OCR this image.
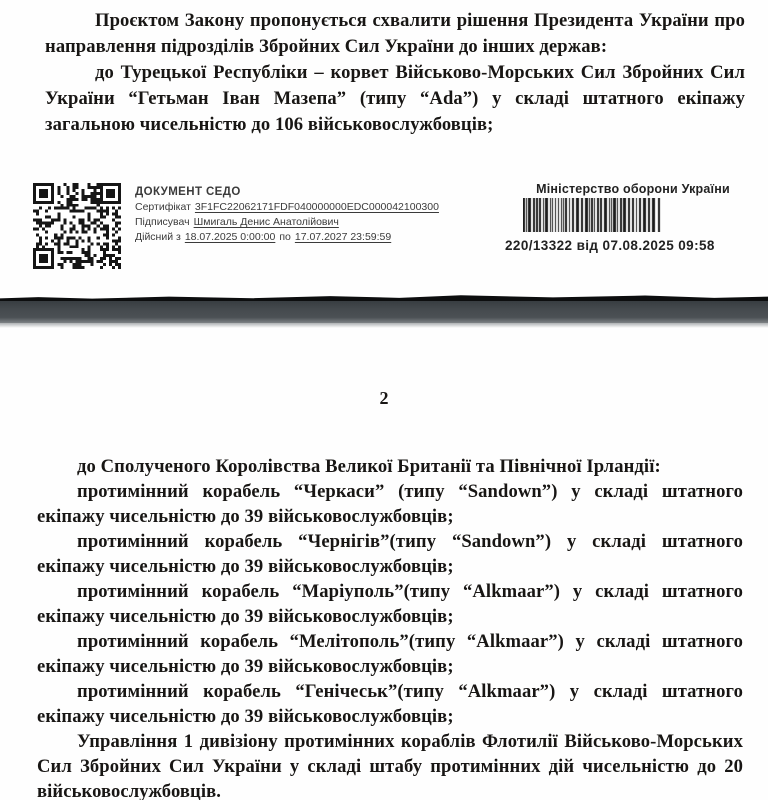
Проєктом Закону пропонується схвалити рішення Президента України про направлення підрозділів Збройних Сил України до інших держав:

до Турецької Республіки – корвет Військово-Морських Сил Збройних Сил України “Гетьман Іван Мазепа” (типу “Ada”) у складі штатного екіпажу загальною чисельністю до 106 військовослужбовців;

ДОКУМЕНТ СЕДО
Сертифікат 3F1FC22062171FDF040000000EDC000042100300
Підписувач Шмигаль Денис Анатолійович
Дійсний з 18.07.2025 0:00:00 по 17.07.2027 23:59:59
Міністерство оборони України
220/13322 від 07.08.2025 09:58
2

до Сполученого Королівства Великої Британії та Північної Ірландії:

протимінний корабель “Черкаси” (типу “Sandown”) у складі штатного екіпажу чисельністю до 39 військовослужбовців;

протимінний корабель “Чернігів”(типу “Sandown”) у складі штатного екіпажу чисельністю до 39 військовослужбовців;

протимінний корабель “Маріуполь”(типу “Alkmaar”) у складі штатного екіпажу чисельністю до 39 військовослужбовців;

протимінний корабель “Мелітополь”(типу “Alkmaar”) у складі штатного екіпажу чисельністю до 39 військовослужбовців;

протимінний корабель “Генічеськ”(типу “Alkmaar”) у складі штатного екіпажу чисельністю до 39 військовослужбовців;

Управління 1 дивізіону протимінних кораблів Флотилії Військово-Морських Сил Збройних Сил України у складі штабу протимінних дій чисельністю до 20 військовослужбовців.
